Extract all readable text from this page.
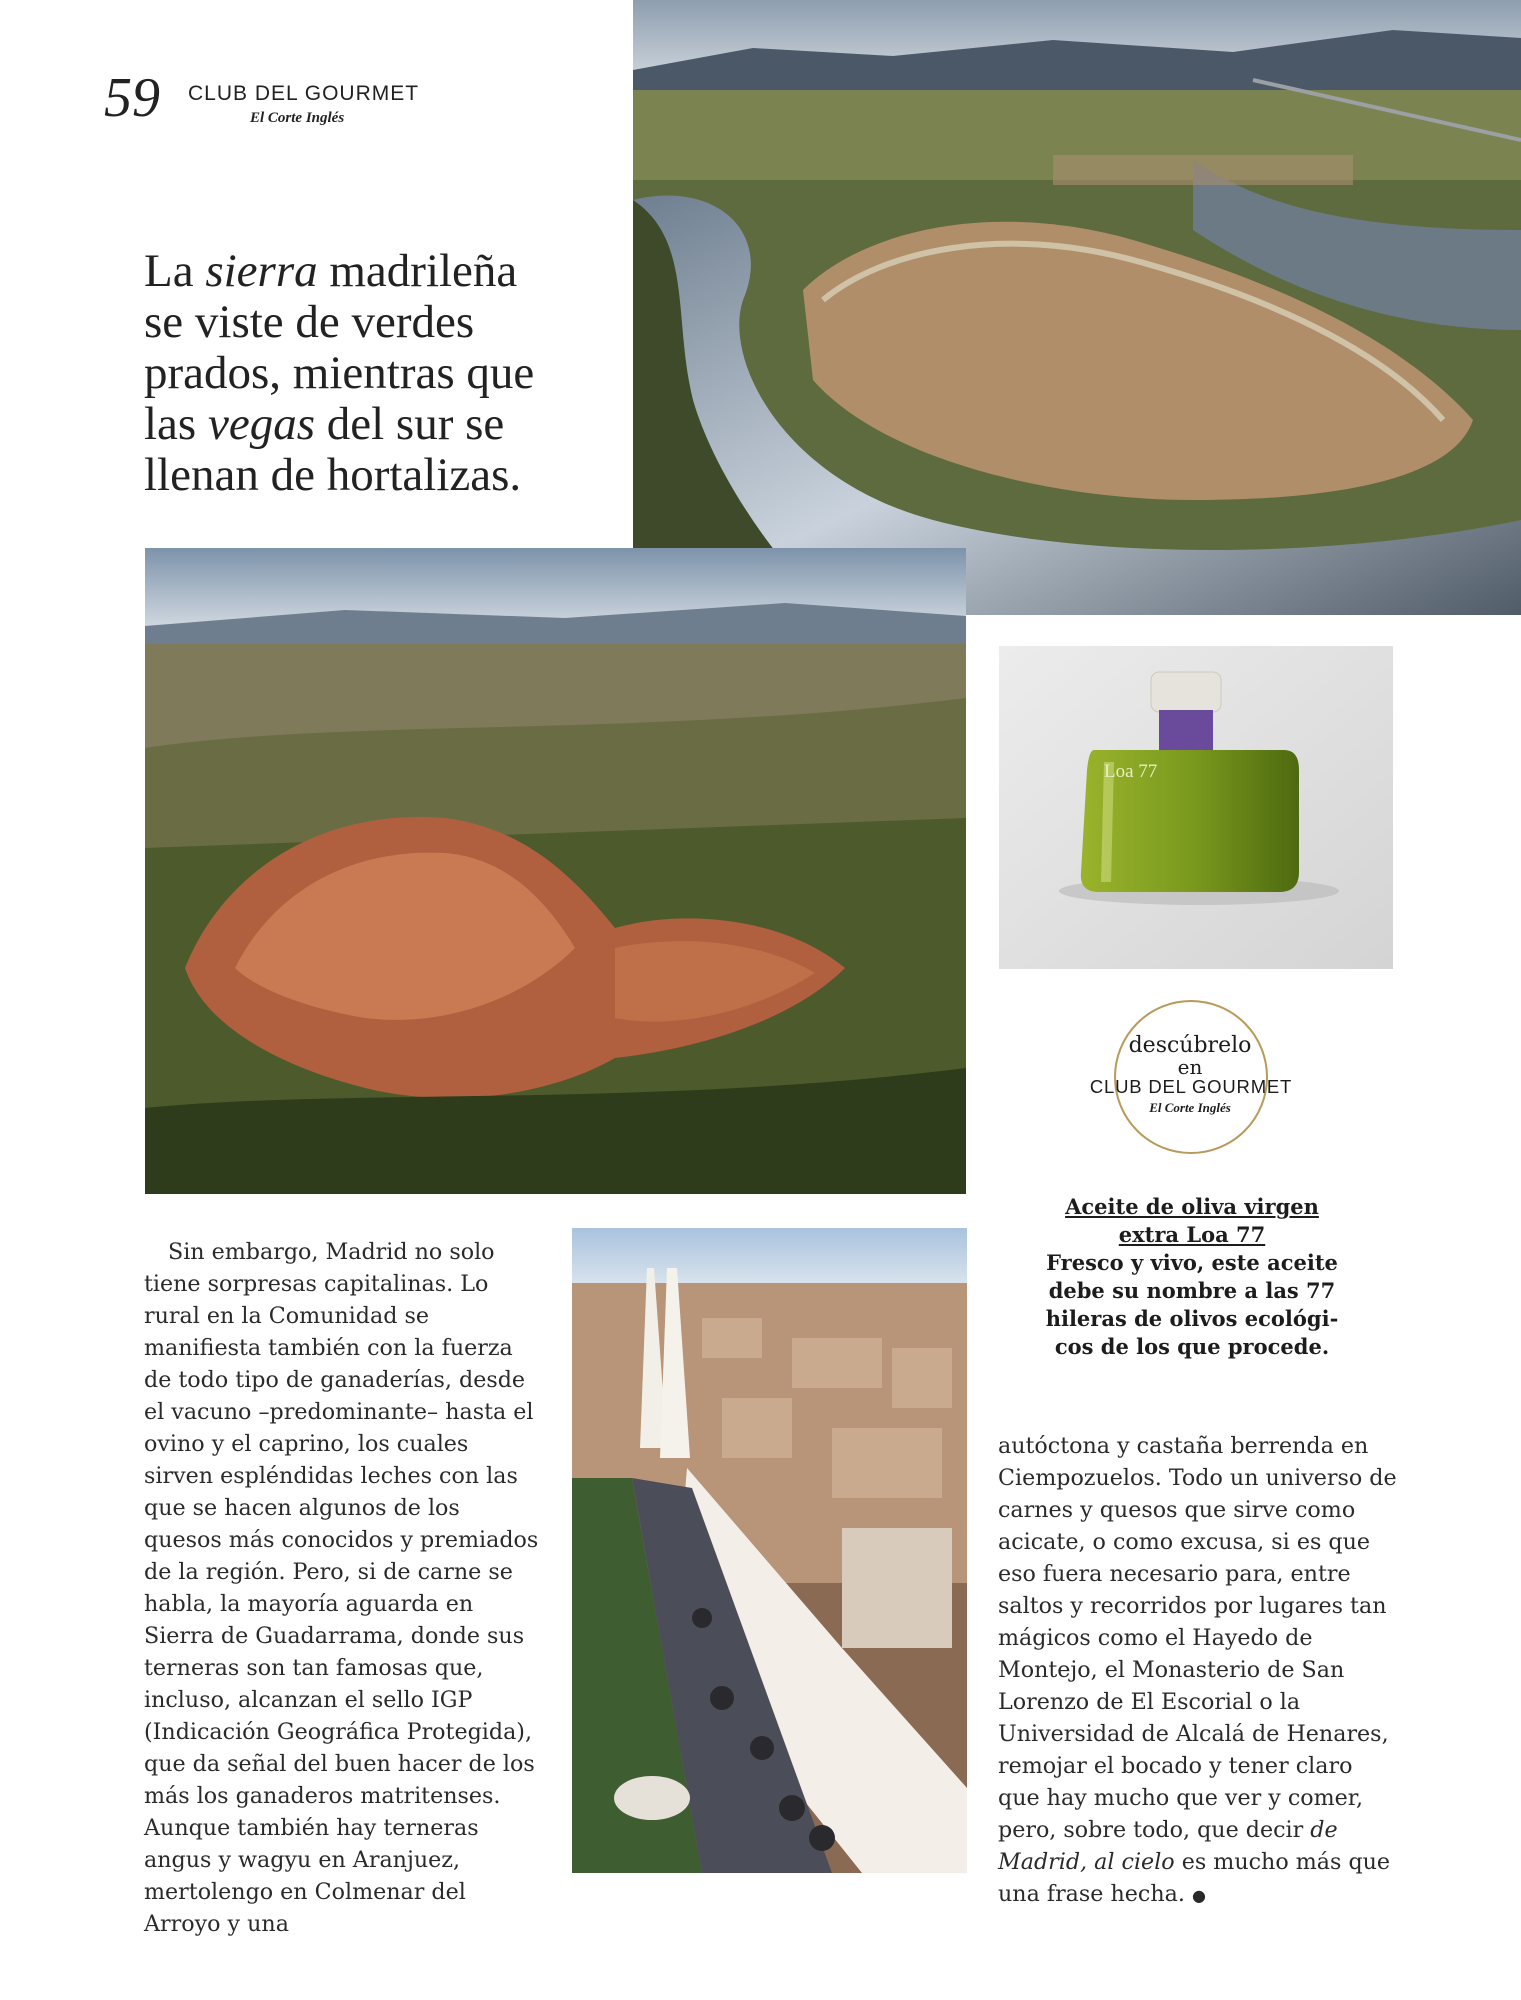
59 CLUB DEL GOURMET
El Corte Inglés
La sierra madrileña
se viste de verdes
prados, mientras que
las vegas del sur se
llenan de hortalizas.
Loa 77

Sin embargo, Madrid no solo tiene sorpresas capitalinas. Lo rural en la Comunidad se manifiesta también con la fuerza de todo tipo de ganaderías, desde el vacuno –predominante– hasta el ovino y el caprino, los cuales sirven espléndidas leches con las que se hacen algunos de los quesos más conocidos y premiados de la región. Pero, si de carne se habla, la mayoría aguarda en Sierra de Guadarrama, donde sus terneras son tan famosas que, incluso, alcanzan el sello IGP (Indicación Geográfica Protegida), que da señal del buen hacer de los más los ganaderos matritenses. Aunque también hay terneras angus y wagyu en Aranjuez, mertolengo en Colmenar del Arroyo y una

descúbrelo
en
CLUB DEL GOURMET
El Corte Inglés
Aceite de oliva virgen extra Loa 77
Fresco y vivo, este aceite debe su nombre a las 77 hileras de olivos ecológicos de los que procede.

autóctona y castaña berrenda en Ciempozuelos. Todo un universo de carnes y quesos que sirve como acicate, o como excusa, si es que eso fuera necesario para, entre saltos y recorridos por lugares tan mágicos como el Hayedo de Montejo, el Monasterio de San Lorenzo de El Escorial o la Universidad de Alcalá de Henares, remojar el bocado y tener claro que hay mucho que ver y comer, pero, sobre todo, que decir de Madrid, al cielo es mucho más que una frase hecha. ●
